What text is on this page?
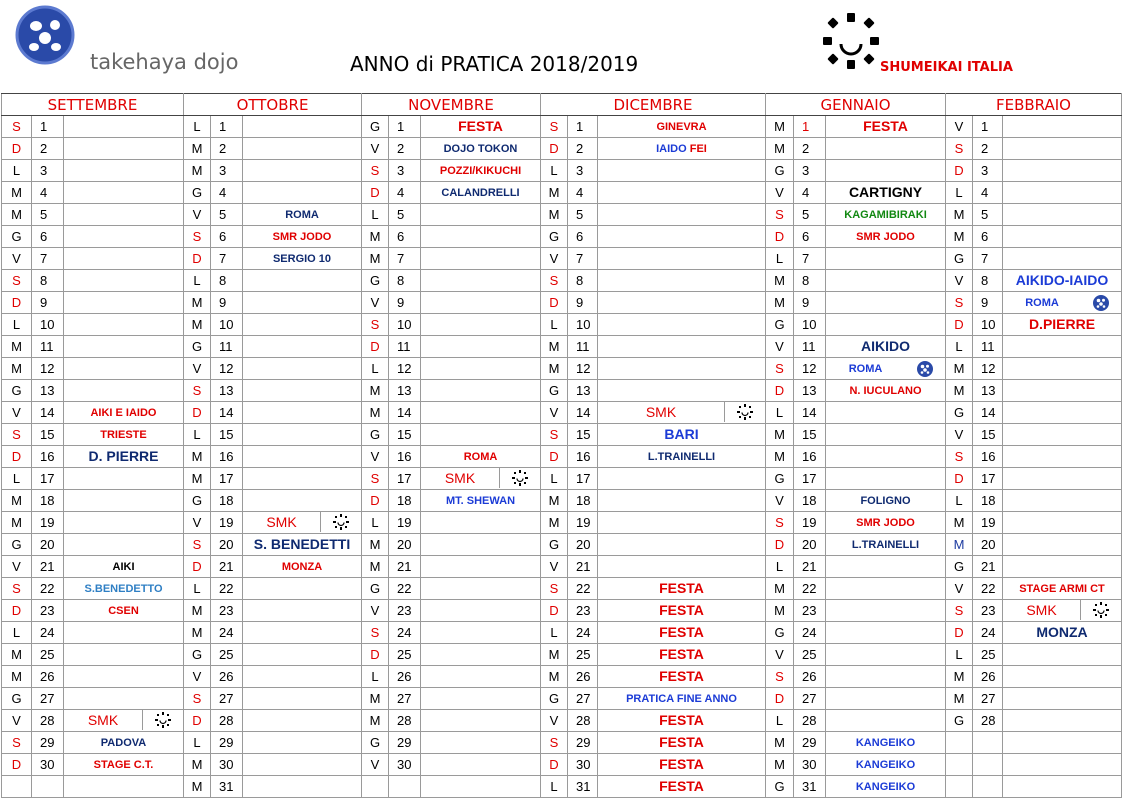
takehaya dojo	ANNO di PRATICA 2018/2019	SHUMEIKAI ITALIA
SETTEMBRE			OTTOBRE			NOVEMBRE			DICEMBRE			GENNAIO			FEBBRAIO		
S	1		L	1		G	1	FESTA	S	1	GINEVRA	M	1	FESTA	V	1	
D	2		M	2		V	2	DOJO TOKON	D	2	IAIDO FEI	M	2		S	2	
L	3		M	3		S	3	POZZI/KIKUCHI	L	3		G	3		D	3	
M	4		G	4		D	4	CALANDRELLI	M	4		V	4	CARTIGNY	L	4	
M	5		V	5	ROMA	L	5		M	5		S	5	KAGAMIBIRAKI	M	5	
G	6		S	6	SMR JODO	M	6		G	6		D	6	SMR JODO	M	6	
V	7		D	7	SERGIO 10	M	7		V	7		L	7		G	7	
S	8		L	8		G	8		S	8		M	8		V	8	AIKIDO-IAIDO
D	9		M	9		V	9		D	9		M	9		S	9	ROMA

L	10		M	10		S	10		L	10		G	10		D	10	D.PIERRE
M	11		G	11		D	11		M	11		V	11	AIKIDO	L	11	
M	12		V	12		L	12		M	12		S	12	ROMA	M	12	
G	13		S	13		M	13		G	13		D	13	N. IUCULANO	M	13	
V	14	AIKI E IAIDO	D	14		M	14		V	14	SMK	L	14		G	14	
S	15	TRIESTE	L	15		G	15		S	15	BARI	M	15		V	15	
D	16	D. PIERRE	M	16		V	16	ROMA	D	16	L.TRAINELLI	M	16		S	16	
L	17		M	17		S	17	SMK	L	17		G	17		D	17	
M	18		G	18		D	18	MT. SHEWAN	M	18		V	18	FOLIGNO	L	18	
M	19		V	19	SMK	L	19		M	19		S	19	SMR JODO	M	19	
G	20		S	20	S. BENEDETTI	M	20		G	20		D	20	L.TRAINELLI	M	20	
V	21	AIKI	D	21	MONZA	M	21		V	21		L	21		G	21	
S	22	S.BENEDETTO	L	22		G	22		S	22	FESTA	M	22		V	22	STAGE ARMI CT
D	23	CSEN	M	23		V	23		D	23	FESTA	M	23		S	23	SMK

L	24		M	24		S	24		L	24	FESTA	G	24		D	24	MONZA
M	25		G	25		D	25		M	25	FESTA	V	25		L	25	
M	26		V	26		L	26		M	26	FESTA	S	26		M	26	
G	27		S	27		M	27		G	27	PRATICA FINE ANNO	D	27		M	27	
V	28	SMK	D	28		M	28		V	28	FESTA	L	28		G	28	
S	29	PADOVA	L	29		G	29		S	29	FESTA	M	29	KANGEIKO			
D	30	STAGE C.T.	M	30		V	30		D	30	FESTA	M	30	KANGEIKO			
			M	31					L	31	FESTA	G	31	KANGEIKO			
